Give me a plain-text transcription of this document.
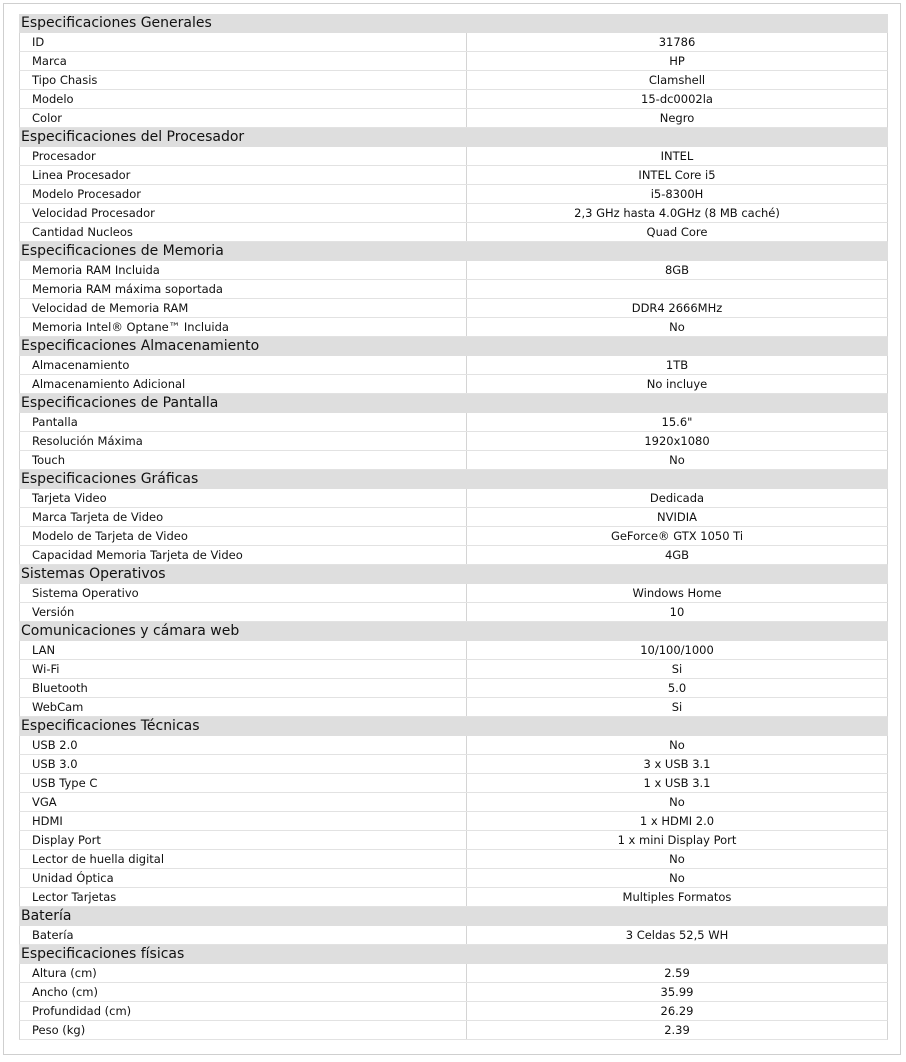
Especificaciones Generales
ID	31786
Marca	HP
Tipo Chasis	Clamshell
Modelo	15-dc0002la
Color	Negro
Especificaciones del Procesador
Procesador	INTEL
Linea Procesador	INTEL Core i5
Modelo Procesador	i5-8300H
Velocidad Procesador	2,3 GHz hasta 4.0GHz (8 MB caché)
Cantidad Nucleos	Quad Core
Especificaciones de Memoria
Memoria RAM Incluida	8GB
Memoria RAM máxima soportada
Velocidad de Memoria RAM	DDR4 2666MHz
Memoria Intel® Optane™ Incluida	No
Especificaciones Almacenamiento
Almacenamiento	1TB
Almacenamiento Adicional	No incluye
Especificaciones de Pantalla
Pantalla	15.6"
Resolución Máxima	1920x1080
Touch	No
Especificaciones Gráficas
Tarjeta Video	Dedicada
Marca Tarjeta de Video	NVIDIA
Modelo de Tarjeta de Video	GeForce® GTX 1050 Ti
Capacidad Memoria Tarjeta de Video	4GB
Sistemas Operativos
Sistema Operativo	Windows Home
Versión	10
Comunicaciones y cámara web
LAN	10/100/1000
Wi-Fi	Si
Bluetooth	5.0
WebCam	Si
Especificaciones Técnicas
USB 2.0	No
USB 3.0	3 x USB 3.1
USB Type C	1 x USB 3.1
VGA	No
HDMI	1 x HDMI 2.0
Display Port	1 x mini Display Port
Lector de huella digital	No
Unidad Óptica	No
Lector Tarjetas	Multiples Formatos
Batería
Batería	3 Celdas 52,5 WH
Especificaciones físicas
Altura (cm)	2.59
Ancho (cm)	35.99
Profundidad (cm)	26.29
Peso (kg)	2.39
